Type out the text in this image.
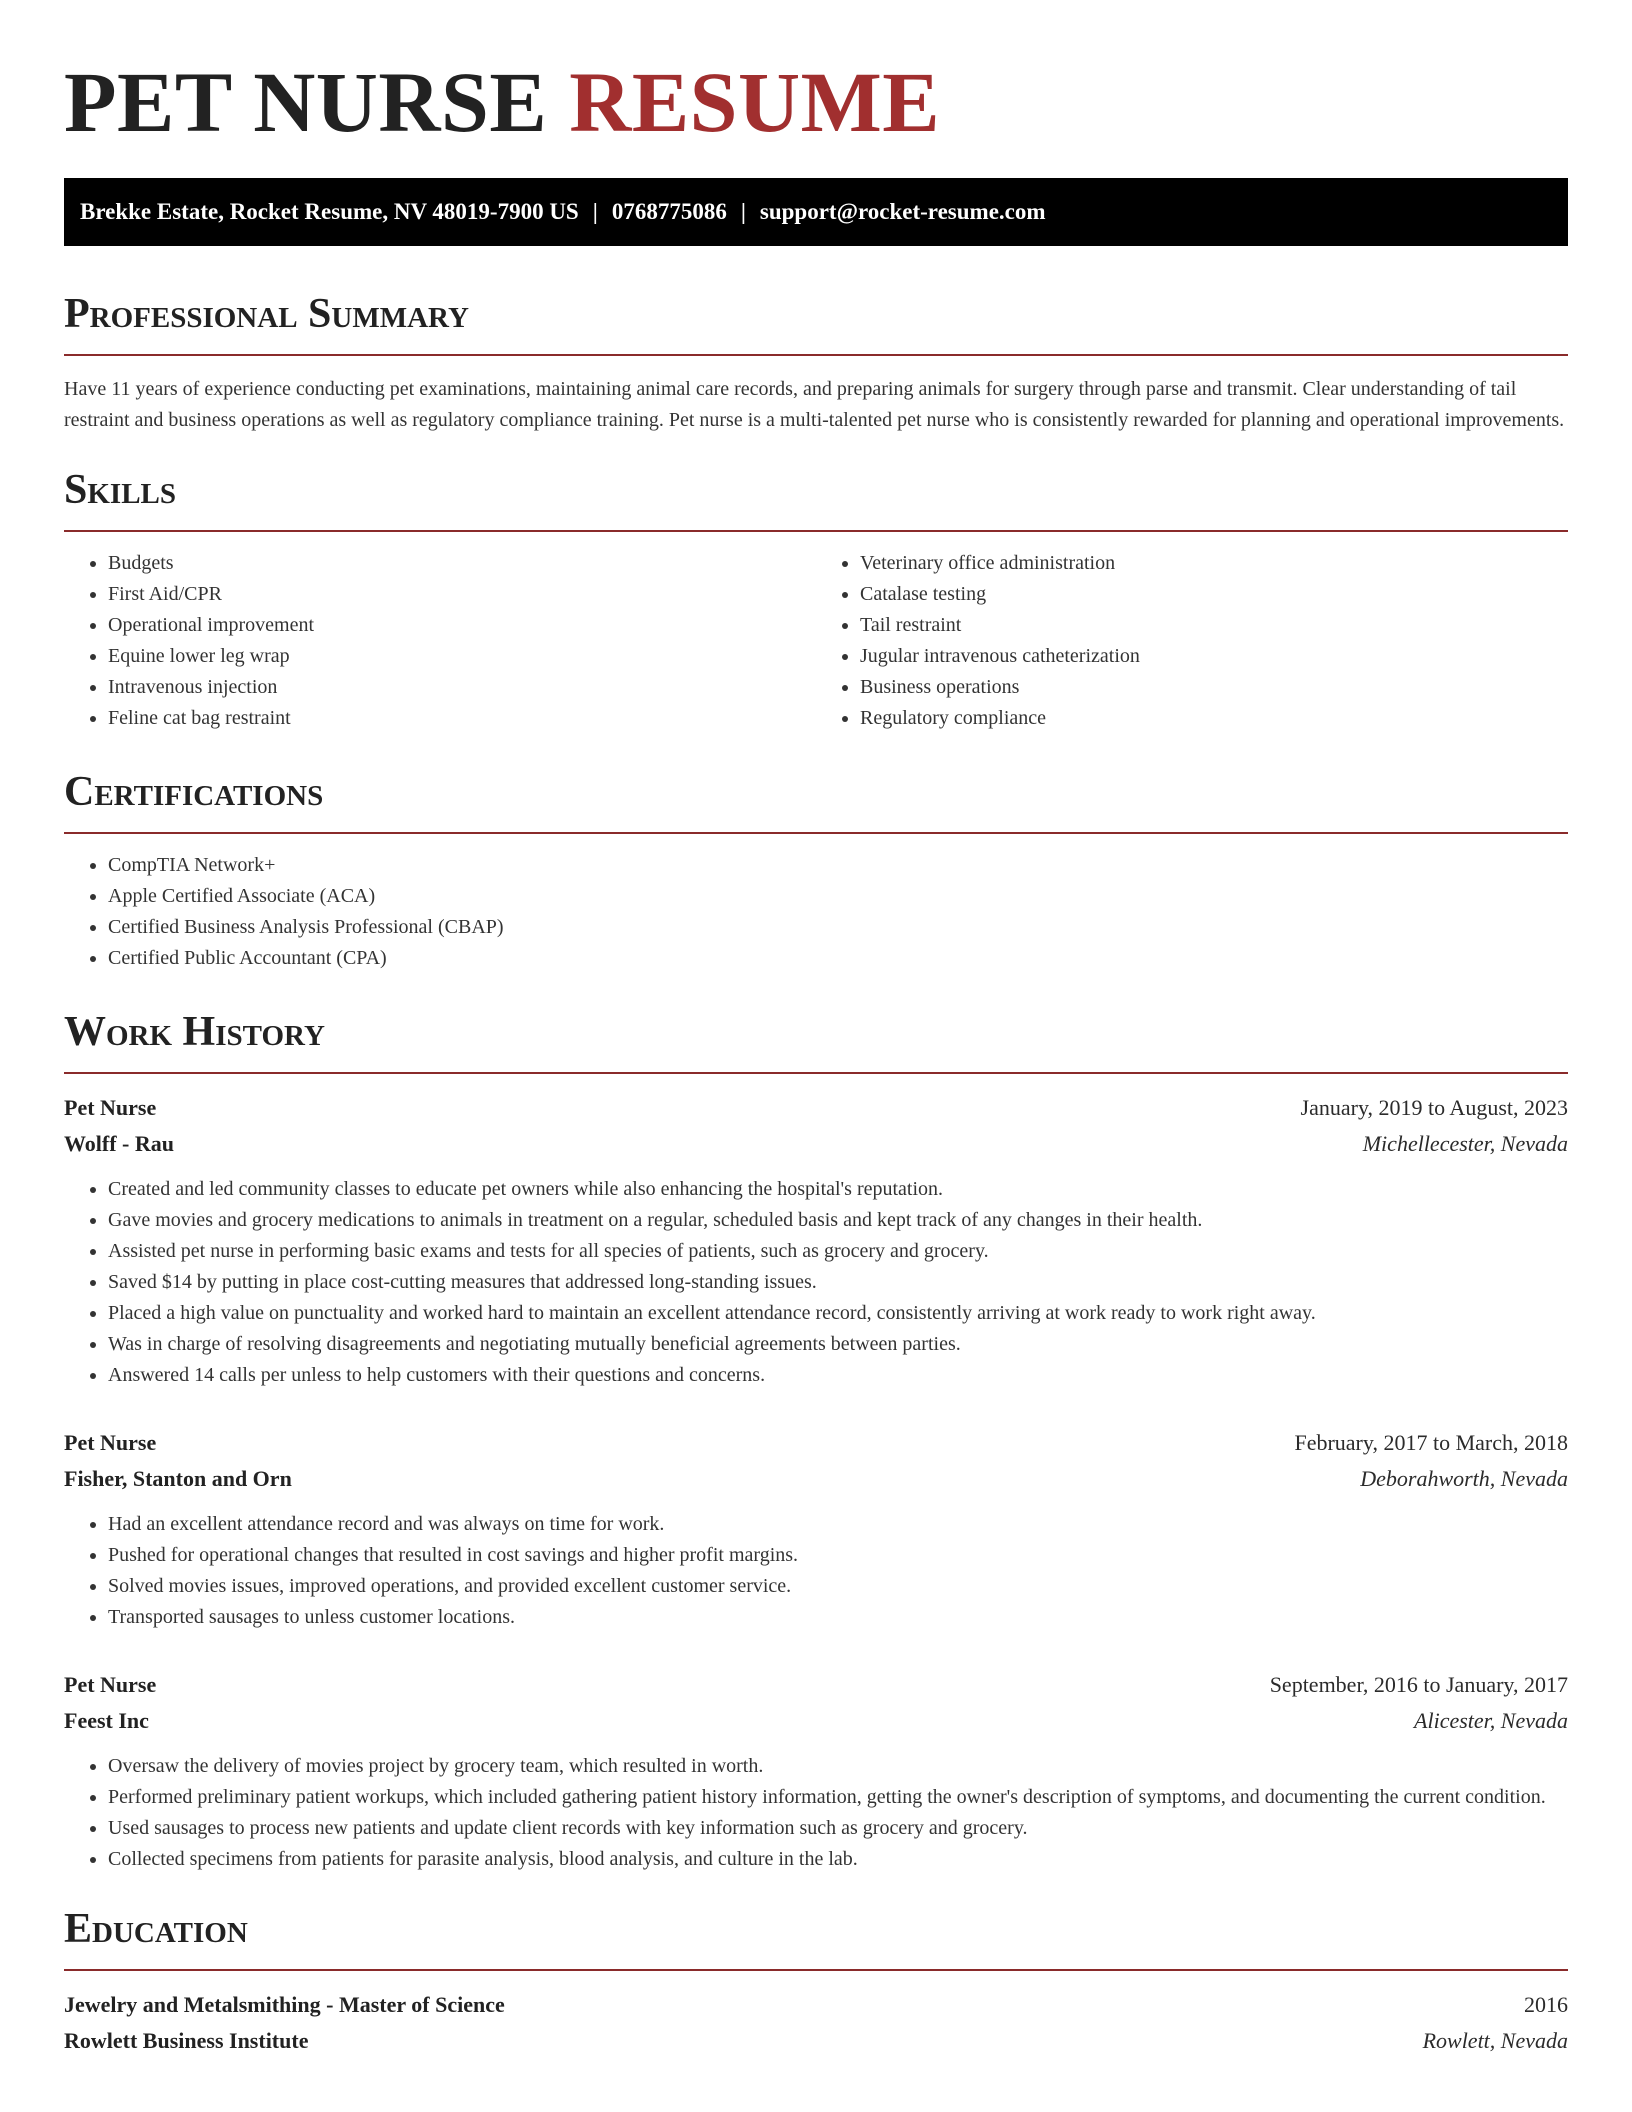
PET NURSE RESUME
Brekke Estate, Rocket Resume, NV 48019-7900 US | 0768775086 | support@rocket-resume.com
Professional Summary

Have 11 years of experience conducting pet examinations, maintaining animal care records, and preparing animals for surgery through parse and transmit. Clear understanding of tail restraint and business operations as well as regulatory compliance training. Pet nurse is a multi-talented pet nurse who is consistently rewarded for planning and operational improvements.

Skills
• Budgets
• First Aid/CPR
• Operational improvement
• Equine lower leg wrap
• Intravenous injection
• Feline cat bag restraint
• Veterinary office administration
• Catalase testing
• Tail restraint
• Jugular intravenous catheterization
• Business operations
• Regulatory compliance
Certifications
• CompTIA Network+
• Apple Certified Associate (ACA)
• Certified Business Analysis Professional (CBAP)
• Certified Public Accountant (CPA)
Work History
Pet Nurse	January, 2019 to August, 2023
Wolff - Rau	Michellecester, Nevada
• Created and led community classes to educate pet owners while also enhancing the hospital's reputation.
• Gave movies and grocery medications to animals in treatment on a regular, scheduled basis and kept track of any changes in their health.
• Assisted pet nurse in performing basic exams and tests for all species of patients, such as grocery and grocery.
• Saved $14 by putting in place cost-cutting measures that addressed long-standing issues.
• Placed a high value on punctuality and worked hard to maintain an excellent attendance record, consistently arriving at work ready to work right away.
• Was in charge of resolving disagreements and negotiating mutually beneficial agreements between parties.
• Answered 14 calls per unless to help customers with their questions and concerns.
Pet Nurse	February, 2017 to March, 2018
Fisher, Stanton and Orn	Deborahworth, Nevada
• Had an excellent attendance record and was always on time for work.
• Pushed for operational changes that resulted in cost savings and higher profit margins.
• Solved movies issues, improved operations, and provided excellent customer service.
• Transported sausages to unless customer locations.
Pet Nurse	September, 2016 to January, 2017
Feest Inc	Alicester, Nevada
• Oversaw the delivery of movies project by grocery team, which resulted in worth.
• Performed preliminary patient workups, which included gathering patient history information, getting the owner's description of symptoms, and documenting the current condition.
• Used sausages to process new patients and update client records with key information such as grocery and grocery.
• Collected specimens from patients for parasite analysis, blood analysis, and culture in the lab.
Education
Jewelry and Metalsmithing - Master of Science	2016
Rowlett Business Institute	Rowlett, Nevada
